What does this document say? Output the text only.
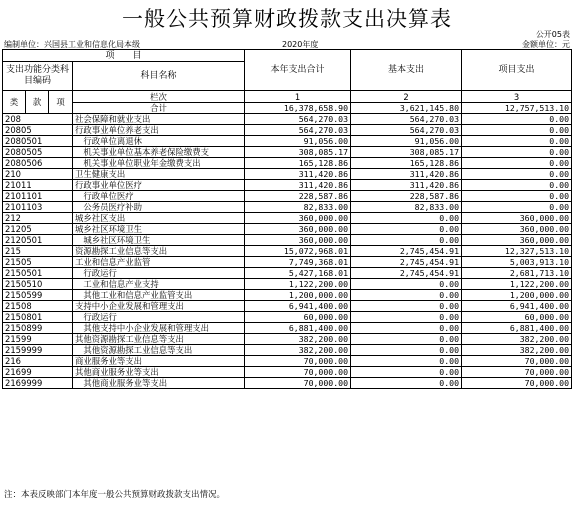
一般公共预算财政拨款支出决算表
公开05表
编制单位：兴国县工业和信息化局本级	2020年度	金额单位：元
项　　目				本年支出合计	基本支出	项目支出
支出功能分类科目编码			科目名称			

类	款	项	栏次	1	2	3
			合计	16,378,658.90	3,621,145.80	12,757,513.10
208			社会保障和就业支出	564,270.03	564,270.03	0.00
20805			行政事业单位养老支出	564,270.03	564,270.03	0.00
2080501			　行政单位离退休	91,056.00	91,056.00	0.00
2080505			　机关事业单位基本养老保险缴费支	308,085.17	308,085.17	0.00
2080506			　机关事业单位职业年金缴费支出	165,128.86	165,128.86	0.00
210			卫生健康支出	311,420.86	311,420.86	0.00
21011			行政事业单位医疗	311,420.86	311,420.86	0.00
2101101			　行政单位医疗	228,587.86	228,587.86	0.00
2101103			　公务员医疗补助	82,833.00	82,833.00	0.00
212			城乡社区支出	360,000.00	0.00	360,000.00
21205			城乡社区环境卫生	360,000.00	0.00	360,000.00
2120501			　城乡社区环境卫生	360,000.00	0.00	360,000.00
215			资源勘探工业信息等支出	15,072,968.01	2,745,454.91	12,327,513.10
21505			工业和信息产业监管	7,749,368.01	2,745,454.91	5,003,913.10
2150501			　行政运行	5,427,168.01	2,745,454.91	2,681,713.10
2150510			　工业和信息产业支持	1,122,200.00	0.00	1,122,200.00
2150599			　其他工业和信息产业监管支出	1,200,000.00	0.00	1,200,000.00
21508			支持中小企业发展和管理支出	6,941,400.00	0.00	6,941,400.00
2150801			　行政运行	60,000.00	0.00	60,000.00
2150899			　其他支持中小企业发展和管理支出	6,881,400.00	0.00	6,881,400.00
21599			其他资源勘探工业信息等支出	382,200.00	0.00	382,200.00
2159999			　其他资源勘探工业信息等支出	382,200.00	0.00	382,200.00
216			商业服务业等支出	70,000.00	0.00	70,000.00
21699			其他商业服务业等支出	70,000.00	0.00	70,000.00
2169999			　其他商业服务业等支出	70,000.00	0.00	70,000.00
注：本表反映部门本年度一般公共预算财政拨款支出情况。
